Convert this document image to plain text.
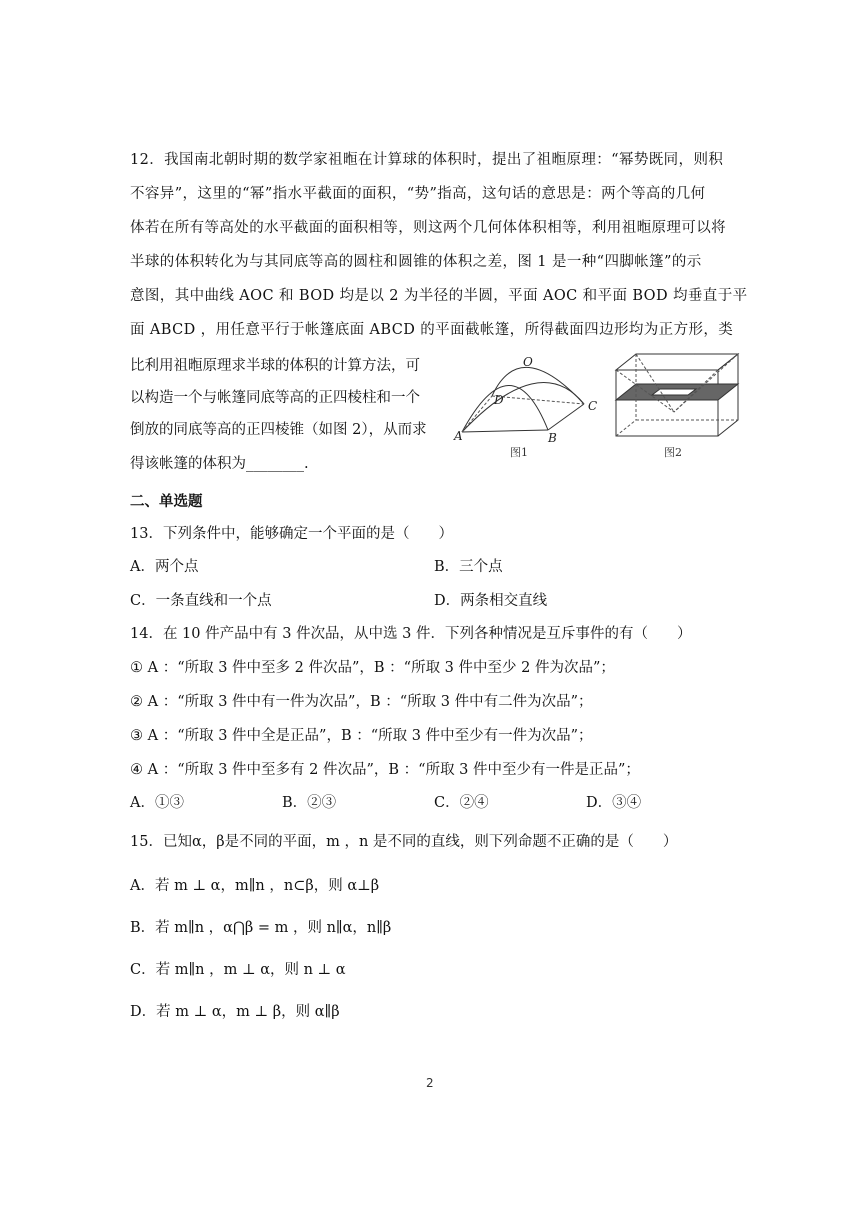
12．我国南北朝时期的数学家祖暅在计算球的体积时，提出了祖暅原理：“幂势既同，则积
不容异”，这里的“幂”指水平截面的面积，“势”指高，这句话的意思是：两个等高的几何
体若在所有等高处的水平截面的面积相等，则这两个几何体体积相等，利用祖暅原理可以将
半球的体积转化为与其同底等高的圆柱和圆锥的体积之差，图 1 是一种“四脚帐篷”的示
意图，其中曲线 AOC 和 BOD 均是以 2 为半径的半圆，平面 AOC 和平面 BOD 均垂直于平
面 ABCD ，用任意平行于帐篷底面 ABCD 的平面截帐篷，所得截面四边形均为正方形，类
比利用祖暅原理求半球的体积的计算方法，可
以构造一个与帐篷同底等高的正四棱柱和一个
倒放的同底等高的正四棱锥（如图 2），从而求
得该帐篷的体积为________.
O
D	C
A	B
图1	图2
二、单选题
13．下列条件中，能够确定一个平面的是（　　）
A．两个点	B．三个点
C．一条直线和一个点	D．两条相交直线
14．在 10 件产品中有 3 件次品，从中选 3 件．下列各种情况是互斥事件的有（　　）
① A ：“所取 3 件中至多 2 件次品”，B ：“所取 3 件中至少 2 件为次品”；
② A ：“所取 3 件中有一件为次品”，B ：“所取 3 件中有二件为次品”；
③ A ：“所取 3 件中全是正品”，B ：“所取 3 件中至少有一件为次品”；
④ A ：“所取 3 件中至多有 2 件次品”，B ：“所取 3 件中至少有一件是正品”；
A．①③	B．②③	C．②④	D．③④
15．已知α，β是不同的平面，m ，n 是不同的直线，则下列命题不正确的是（　　）
A．若 m ⊥ α，m∥n ，n⊂β，则 α⊥β
B．若 m∥n ，α⋂β = m ，则 n∥α，n∥β
C．若 m∥n ，m ⊥ α，则 n ⊥ α
D．若 m ⊥ α，m ⊥ β，则 α∥β
2
